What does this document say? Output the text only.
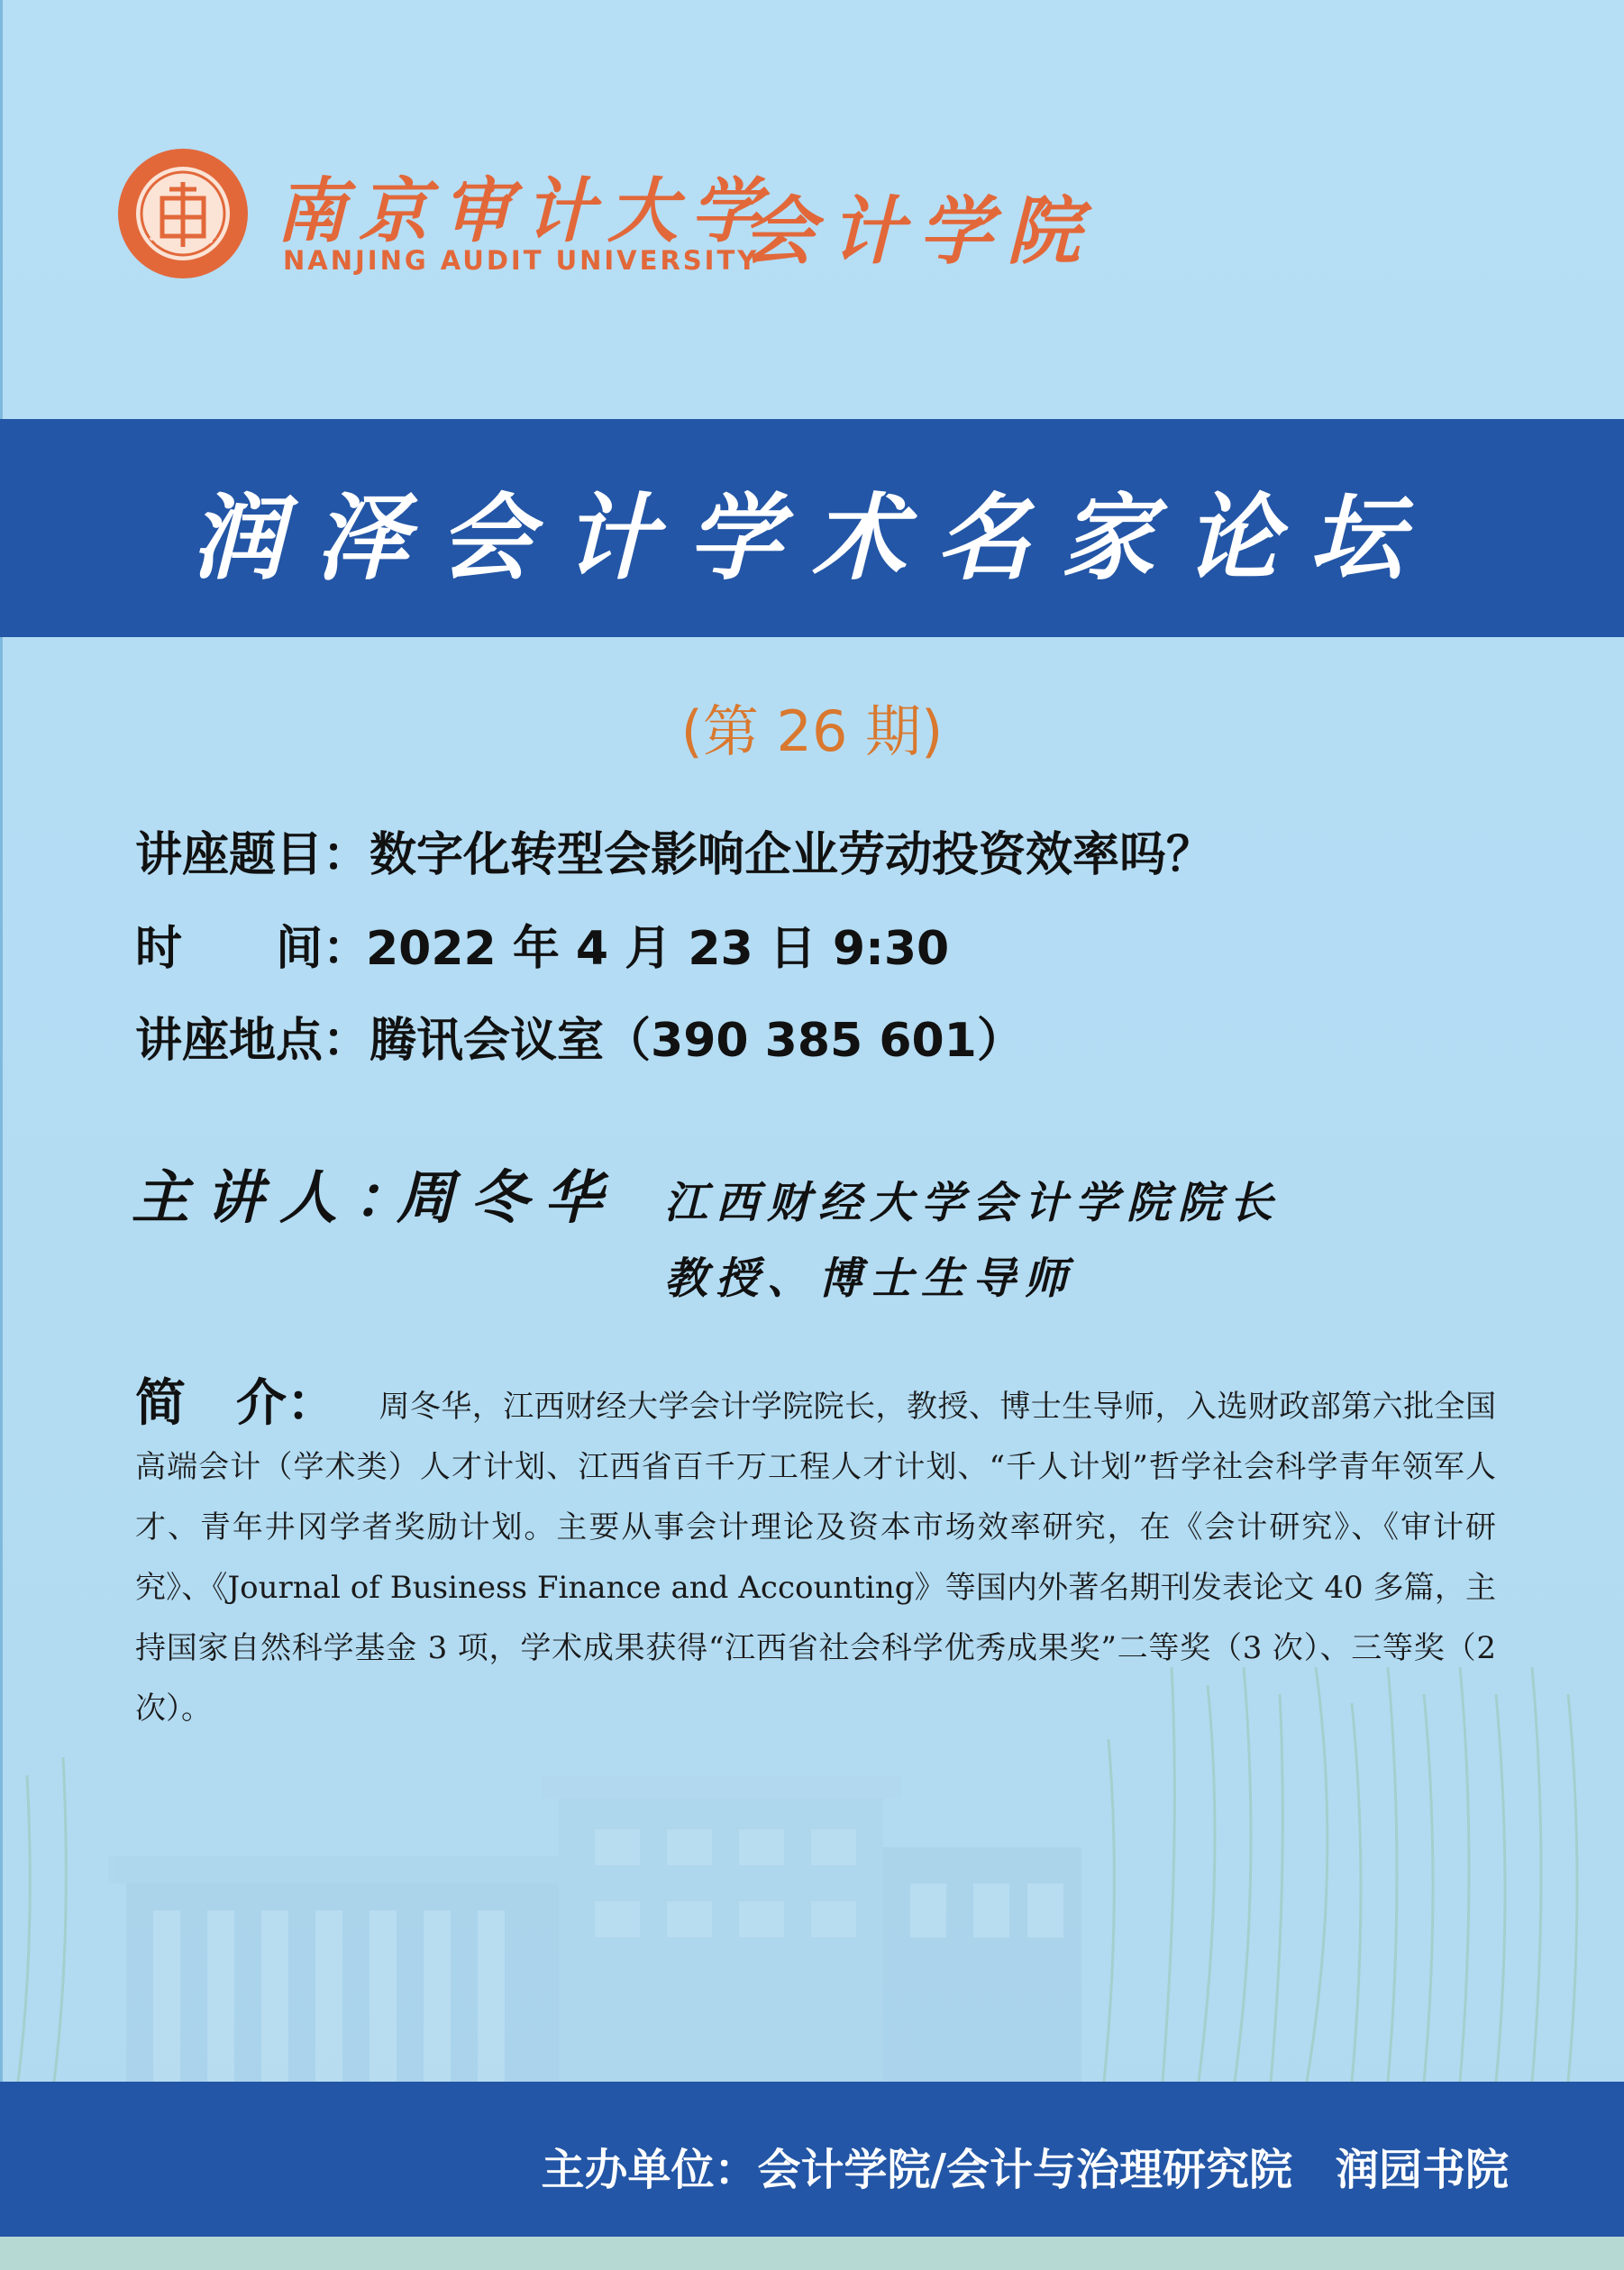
南京审计大学
NANJING AUDIT UNIVERSITY
会计学院
润泽会计学术名家论坛
(第 26 期)
讲座题目：数字化转型会影响企业劳动投资效率吗？
时　　间：2022 年 4 月 23 日 9:30
讲座地点：腾讯会议室（390 385 601）
主讲人：
周冬华 江西财经大学会计学院院长
教授、博士生导师
简　介： 周冬华，江西财经大学会计学院院长，教授、博士生导师，入选财政部第六批全国高端会计（学术类）人才计划、江西省百千万工程人才计划、“千人计划”哲学社会科学青年领军人才、青年井冈学者奖励计划。主要从事会计理论及资本市场效率研究，在《会计研究》、《审计研究》、《Journal of Business Finance and Accounting》等国内外著名期刊发表论文 40 多篇，主持国家自然科学基金 3 项，学术成果获得“江西省社会科学优秀成果奖”二等奖（3 次）、三等奖（2 次）。
主办单位：会计学院/会计与治理研究院　润园书院
